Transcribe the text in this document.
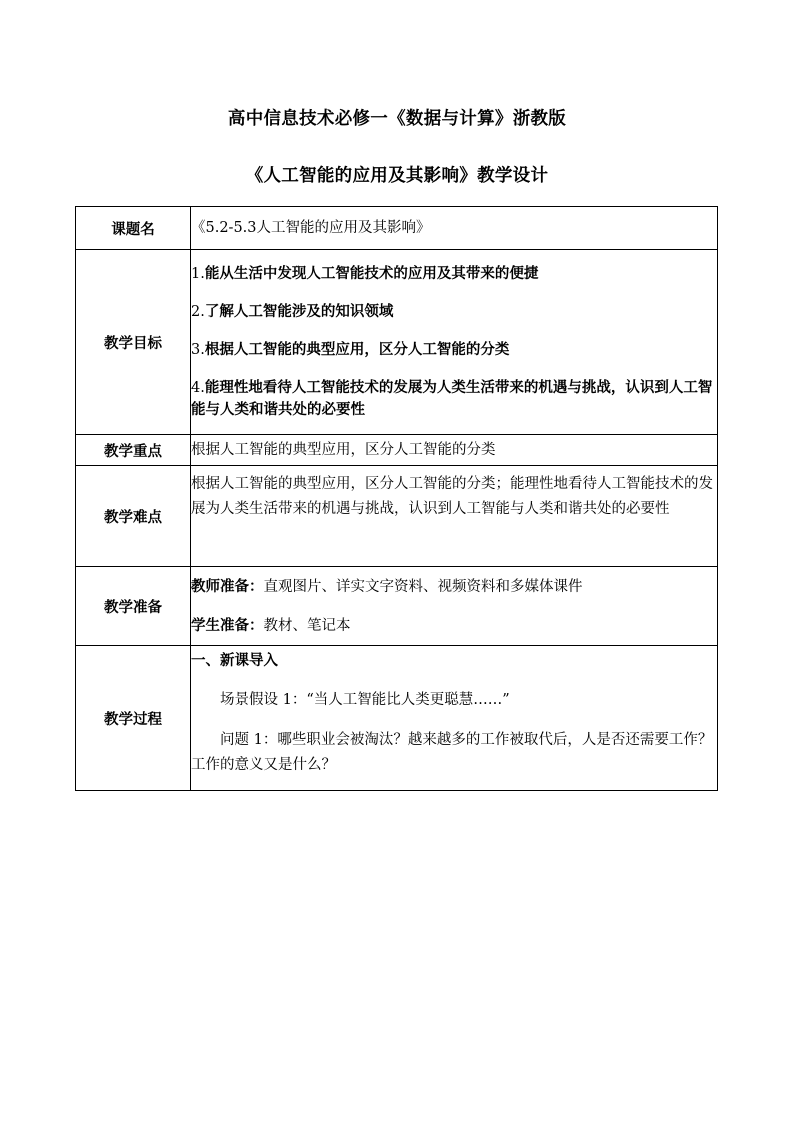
高中信息技术必修一《数据与计算》浙教版
《人工智能的应用及其影响》教学设计
课题名	《5.2-5.3人工智能的应用及其影响》

教学目标	1.能从生活中发现人工智能技术的应用及其带来的便捷

2.了解人工智能涉及的知识领域

3.根据人工智能的典型应用，区分人工智能的分类

4.能理性地看待人工智能技术的发展为人类生活带来的机遇与挑战，认识到人工智能与人类和谐共处的必要性

教学重点	根据人工智能的典型应用，区分人工智能的分类

教学难点	根据人工智能的典型应用，区分人工智能的分类；能理性地看待人工智能技术的发展为人类生活带来的机遇与挑战，认识到人工智能与人类和谐共处的必要性

教学准备	教师准备：直观图片、详实文字资料、视频资料和多媒体课件

学生准备：教材、笔记本

教学过程	一、新课导入

场景假设 1：“当人工智能比人类更聪慧……”

问题 1：哪些职业会被淘汰？越来越多的工作被取代后，人是否还需要工作？工作的意义又是什么？
